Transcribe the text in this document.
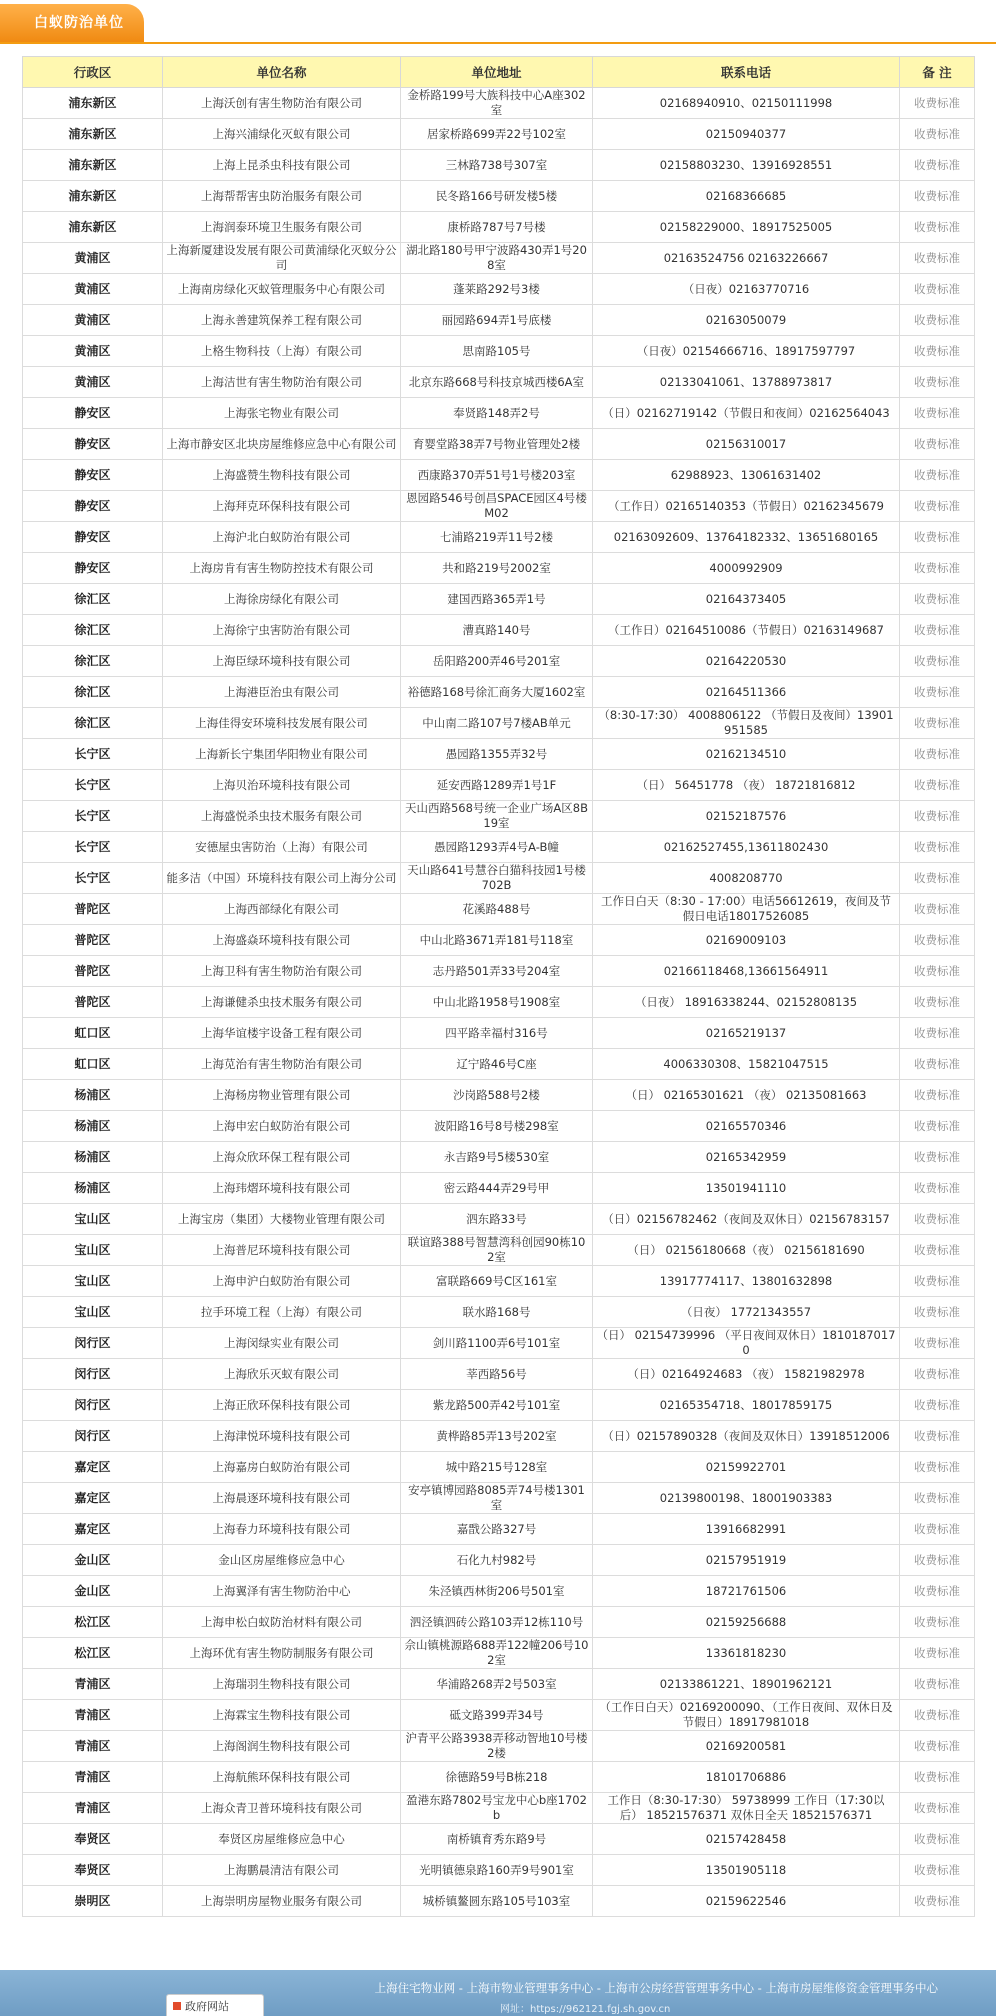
白蚁防治单位
行政区	单位名称	单位地址	联系电话	备 注
浦东新区	上海沃创有害生物防治有限公司	金桥路199号大族科技中心A座302室	02168940910、02150111998	收费标准
浦东新区	上海兴浦绿化灭蚁有限公司	居家桥路699弄22号102室	02150940377	收费标准
浦东新区	上海上昆杀虫科技有限公司	三林路738号307室	02158803230、13916928551	收费标准
浦东新区	上海帮帮害虫防治服务有限公司	民冬路166号研发楼5楼	02168366685	收费标准
浦东新区	上海润泰环境卫生服务有限公司	康桥路787号7号楼	02158229000、18917525005	收费标准
黄浦区	上海新厦建设发展有限公司黄浦绿化灭蚁分公司	湖北路180号甲宁波路430弄1号208室	02163524756 02163226667	收费标准
黄浦区	上海南房绿化灭蚁管理服务中心有限公司	蓬莱路292号3楼	（日夜）02163770716	收费标准
黄浦区	上海永善建筑保养工程有限公司	丽园路694弄1号底楼	02163050079	收费标准
黄浦区	上格生物科技（上海）有限公司	思南路105号	（日夜）02154666716、18917597797	收费标准
黄浦区	上海洁世有害生物防治有限公司	北京东路668号科技京城西楼6A室	02133041061、13788973817	收费标准
静安区	上海张宅物业有限公司	奉贤路148弄2号	（日）02162719142（节假日和夜间）02162564043	收费标准
静安区	上海市静安区北块房屋维修应急中心有限公司	育婴堂路38弄7号物业管理处2楼	02156310017	收费标准
静安区	上海盛赞生物科技有限公司	西康路370弄51号1号楼203室	62988923、13061631402	收费标准
静安区	上海拜克环保科技有限公司	恩园路546号创昌SPACE园区4号楼M02	（工作日）02165140353（节假日）02162345679	收费标准
静安区	上海沪北白蚁防治有限公司	七浦路219弄11号2楼	02163092609、13764182332、13651680165	收费标准
静安区	上海房肯有害生物防控技术有限公司	共和路219号2002室	4000992909	收费标准
徐汇区	上海徐房绿化有限公司	建国西路365弄1号	02164373405	收费标准
徐汇区	上海徐宁虫害防治有限公司	漕真路140号	（工作日）02164510086（节假日）02163149687	收费标准
徐汇区	上海臣绿环境科技有限公司	岳阳路200弄46号201室	02164220530	收费标准
徐汇区	上海港臣治虫有限公司	裕德路168号徐汇商务大厦1602室	02164511366	收费标准
徐汇区	上海佳得安环境科技发展有限公司	中山南二路107号7楼AB单元	（8:30-17:30） 4008806122 （节假日及夜间）13901951585	收费标准
长宁区	上海新长宁集团华阳物业有限公司	愚园路1355弄32号	02162134510	收费标准
长宁区	上海贝治环境科技有限公司	延安西路1289弄1号1F	（日） 56451778 （夜） 18721816812	收费标准
长宁区	上海盛悦杀虫技术服务有限公司	天山西路568号统一企业广场A区8B19室	02152187576	收费标准
长宁区	安德屋虫害防治（上海）有限公司	愚园路1293弄4号A-B幢	02162527455,13611802430	收费标准
长宁区	能多洁（中国）环境科技有限公司上海分公司	天山路641号慧谷白猫科技园1号楼702B	4008208770	收费标准
普陀区	上海西部绿化有限公司	花溪路488号	工作日白天（8:30 - 17:00）电话56612619，夜间及节假日电话18017526085	收费标准
普陀区	上海盛焱环境科技有限公司	中山北路3671弄181号118室	02169009103	收费标准
普陀区	上海卫科有害生物防治有限公司	志丹路501弄33号204室	02166118468,13661564911	收费标准
普陀区	上海谦健杀虫技术服务有限公司	中山北路1958号1908室	（日夜） 18916338244、02152808135	收费标准
虹口区	上海华谊楼宇设备工程有限公司	四平路幸福村316号	02165219137	收费标准
虹口区	上海苋治有害生物防治有限公司	辽宁路46号C座	4006330308、15821047515	收费标准
杨浦区	上海杨房物业管理有限公司	沙岗路588号2楼	（日） 02165301621 （夜） 02135081663	收费标准
杨浦区	上海申宏白蚁防治有限公司	波阳路16号8号楼298室	02165570346	收费标准
杨浦区	上海众欣环保工程有限公司	永吉路9号5楼530室	02165342959	收费标准
杨浦区	上海玮熠环境科技有限公司	密云路444弄29号甲	13501941110	收费标准
宝山区	上海宝房（集团）大楼物业管理有限公司	泗东路33号	（日）02156782462（夜间及双休日）02156783157	收费标准
宝山区	上海普尼环境科技有限公司	联谊路388号智慧湾科创园90栋102室	（日） 02156180668（夜） 02156181690	收费标准
宝山区	上海申沪白蚁防治有限公司	富联路669号C区161室	13917774117、13801632898	收费标准
宝山区	拉手环境工程（上海）有限公司	联水路168号	（日夜） 17721343557	收费标准
闵行区	上海闵绿实业有限公司	剑川路1100弄6号101室	（日） 02154739996 （平日夜间双休日）18101870170	收费标准
闵行区	上海欣乐灭蚁有限公司	莘西路56号	（日）02164924683 （夜） 15821982978	收费标准
闵行区	上海正欣环保科技有限公司	紫龙路500弄42号101室	02165354718、18017859175	收费标准
闵行区	上海津悦环境科技有限公司	黄桦路85弄13号202室	（日）02157890328（夜间及双休日）13918512006	收费标准
嘉定区	上海嘉房白蚁防治有限公司	城中路215号128室	02159922701	收费标准
嘉定区	上海晨逐环境科技有限公司	安亭镇博园路8085弄74号楼1301室	02139800198、18001903383	收费标准
嘉定区	上海春力环境科技有限公司	嘉戬公路327号	13916682991	收费标准
金山区	金山区房屋维修应急中心	石化九村982号	02157951919	收费标准
金山区	上海翼泽有害生物防治中心	朱泾镇西林街206号501室	18721761506	收费标准
松江区	上海申松白蚁防治材料有限公司	泗泾镇泗砖公路103弄12栋110号	02159256688	收费标准
松江区	上海环优有害生物防制服务有限公司	佘山镇桃源路688弄122幢206号102室	13361818230	收费标准
青浦区	上海瑞羽生物科技有限公司	华浦路268弄2号503室	02133861221、18901962121	收费标准
青浦区	上海霖宝生物科技有限公司	砥文路399弄34号	（工作日白天）02169200090、（工作日夜间、双休日及节假日）18917981018	收费标准
青浦区	上海阁润生物科技有限公司	沪青平公路3938弄移动智地10号楼2楼	02169200581	收费标准
青浦区	上海航熊环保科技有限公司	徐德路59号B栋218	18101706886	收费标准
青浦区	上海众青卫普环境科技有限公司	盈港东路7802号宝龙中心b座1702b	工作日（8:30-17:30） 59738999 工作日（17:30以后） 18521576371 双休日全天 18521576371	收费标准
奉贤区	奉贤区房屋维修应急中心	南桥镇育秀东路9号	02157428458	收费标准
奉贤区	上海鹏晨清洁有限公司	光明镇德泉路160弄9号901室	13501905118	收费标准
崇明区	上海崇明房屋物业服务有限公司	城桥镇鳌圆东路105号103室	02159622546	收费标准
政府网站
上海住宅物业网 - 上海市物业管理事务中心 - 上海市公房经营管理事务中心 - 上海市房屋维修资金管理事务中心
网址：https://962121.fgj.sh.gov.cn
